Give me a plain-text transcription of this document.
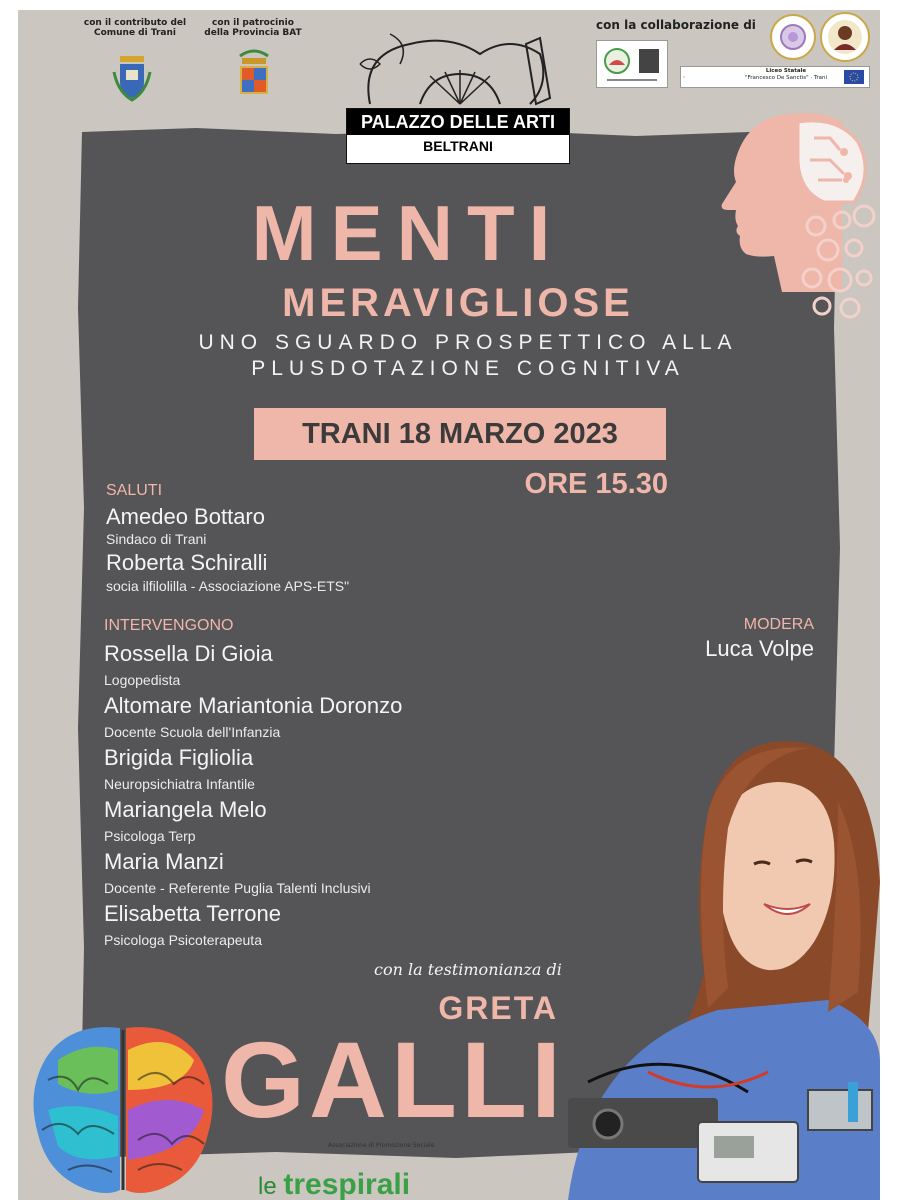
con il contributo del
Comune di Trani
con il patrocinio
della Provincia BAT
con la collaborazione di
Liceo Statale
"Francesco De Sanctis" · Trani
PALAZZO DELLE ARTI
BELTRANI
MENTI
MERAVIGLIOSE
UNO SGUARDO PROSPETTICO ALLA
PLUSDOTAZIONE COGNITIVA
TRANI 18 MARZO 2023
ORE 15.30
SALUTI
Amedeo Bottaro
Sindaco di Trani
Roberta Schiralli
socia ilfilolilla - Associazione APS-ETS"
INTERVENGONO
Rossella Di Gioia
Logopedista
Altomare Mariantonia Doronzo
Docente Scuola dell'Infanzia
Brigida Figliolia
Neuropsichiatra Infantile
Mariangela Melo
Psicologa Terp
Maria Manzi
Docente - Referente Puglia Talenti Inclusivi
Elisabetta Terrone
Psicologa Psicoterapeuta
MODERA
Luca Volpe
con la testimonianza di
GRETA
GALLI
Associazione di Promozione Sociale
le trespirali
